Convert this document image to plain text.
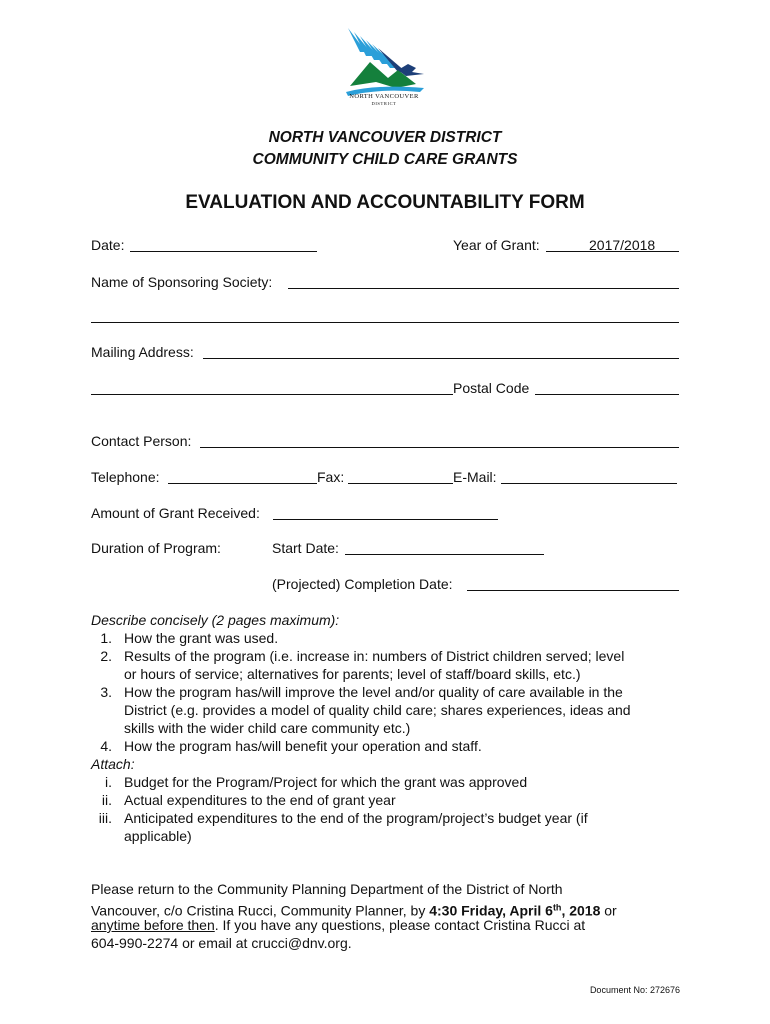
NORTH VANCOUVER
DISTRICT
NORTH VANCOUVER DISTRICT
COMMUNITY CHILD CARE GRANTS
EVALUATION AND ACCOUNTABILITY FORM
Date:	Year of Grant:	2017/2018
Name of Sponsoring Society:
Mailing Address:
Postal Code
Contact Person:
Telephone:	Fax:	E-Mail:
Amount of Grant Received:
Duration of Program:	Start Date:
(Projected) Completion Date:
Describe concisely (2 pages maximum):
1. How the grant was used.
2. Results of the program (i.e. increase in: numbers of District children served; level
or hours of service; alternatives for parents; level of staff/board skills, etc.)
3. How the program has/will improve the level and/or quality of care available in the
District (e.g. provides a model of quality child care; shares experiences, ideas and
skills with the wider child care community etc.)
4. How the program has/will benefit your operation and staff.
Attach:
i. Budget for the Program/Project for which the grant was approved
ii. Actual expenditures to the end of grant year
iii. Anticipated expenditures to the end of the program/project’s budget year (if
applicable)
Please return to the Community Planning Department of the District of North
Vancouver, c/o Cristina Rucci, Community Planner, by 4:30 Friday, April 6th, 2018 or
anytime before then. If you have any questions, please contact Cristina Rucci at
604-990-2274 or email at crucci@dnv.org.
Document No: 272676
